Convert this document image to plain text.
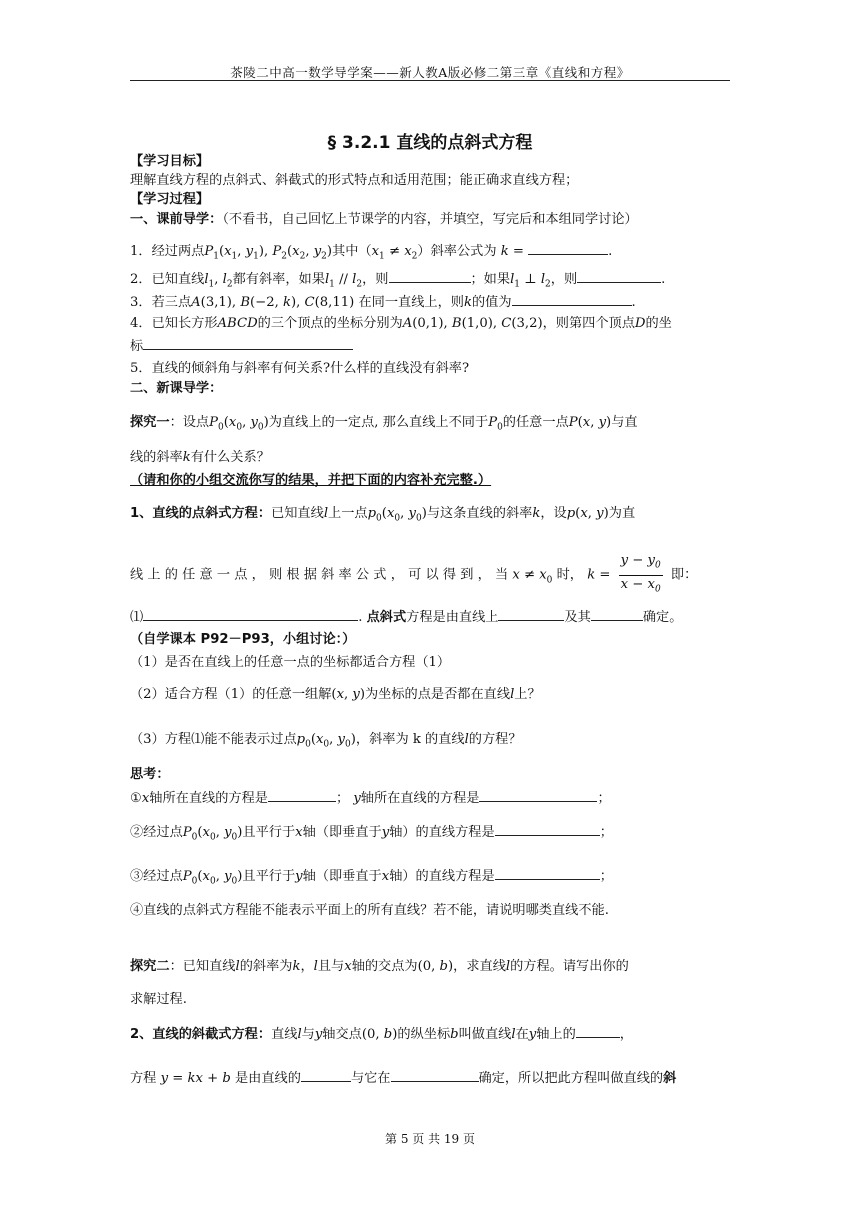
茶陵二中高一数学导学案——新人教A版必修二第三章《直线和方程》
§ 3.2.1 直线的点斜式方程
【学习目标】
理解直线方程的点斜式、斜截式的形式特点和适用范围；能正确求直线方程；
【学习过程】
一、课前导学：（不看书，自己回忆上节课学的内容，并填空，写完后和本组同学讨论）
1．经过两点$P_1(x_1$, $y_1$), $P_2(x_2$, $y_2$)其中$(x_1 \ne x_2)$斜率公式为 k =	.
2．已知直线$l_1$, $l_2$都有斜率，如果$l_1 // l_2$，则	；如果$l_1$ ⊥ $l_2$，则	.
3．若三点A(3,1), B(−2, k), C(8,11) 在同一直线上，则k的值为	.
4．已知长方形ABCD的三个顶点的坐标分别为A(0,1), B(1,0), C(3,2)，则第四个顶点D的坐
标
5．直线的倾斜角与斜率有何关系?什么样的直线没有斜率?
二、新课导学：
探究一：设点$P_0(x_0$, $y_0$)为直线上的一定点, 那么直线上不同于$P_0$的任意一点P(x, y)与直
线的斜率k有什么关系？
（请和你的小组交流你写的结果，并把下面的内容补充完整.）
1、直线的点斜式方程：已知直线l上一点$p_0(x_0$, $y_0$)与这条直线的斜率k，设p(x, y)为直
线 上 的 任 意 一 点 ， 则 根 据 斜 率 公 式 ， 可 以 得 到 ， 当 $x \ne x_0$ 时， $k = \frac{y - y_0}{x - x_0}$ 即：
⑴	. 点斜式方程是由直线上	及其	确定。
（自学课本 P92－P93，小组讨论：）
（1）是否在直线上的任意一点的坐标都适合方程（1）
（2）适合方程（1）的任意一组解(x, y)为坐标的点是否都在直线l上？
（3）方程⑴能不能表示过点$p_0(x_0$, $y_0$)，斜率为 k 的直线l的方程？
思考：
①x轴所在直线的方程是	； y轴所在直线的方程是	；
②经过点$P_0(x_0$, $y_0$)且平行于x轴（即垂直于y轴）的直线方程是	；
③经过点$P_0(x_0$, $y_0$)且平行于y轴（即垂直于x轴）的直线方程是	；
④直线的点斜式方程能不能表示平面上的所有直线？若不能，请说明哪类直线不能.
探究二：已知直线l的斜率为k，l且与x轴的交点为(0, b)，求直线l的方程。请写出你的
求解过程.
2、直线的斜截式方程：直线l与y轴交点(0, b)的纵坐标b叫做直线l在y轴上的	，
方程 y = kx + b 是由直线的	与它在	确定，所以把此方程叫做直线的斜
第 5 页 共 19 页
